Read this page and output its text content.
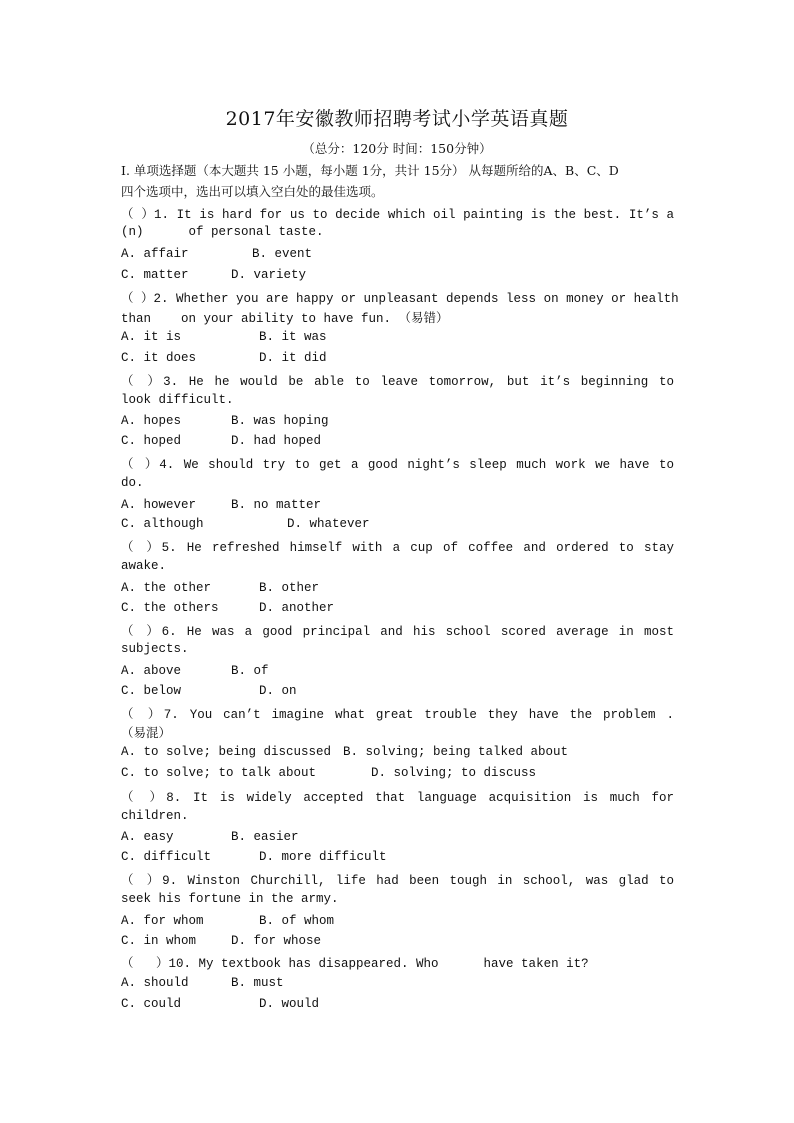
2017年安徽教师招聘考试小学英语真题
（总分：120分 时间：150分钟）
I. 单项选择题（本大题共 15 小题，每小题 1分，共计 15分） 从每题所给的A、B、C、D
四个选项中，选出可以填入空白处的最佳选项。
（ ）1. It is hard for us to decide which oil painting is the best. It’s a
(n)      of personal taste.
A. affair	B. event
C. matter	D. variety
（ ）2. Whether you are happy or unpleasant depends less on money or health
than    on your ability to have fun. （易错）
A. it is	B. it was
C. it does	D. it did
（ ）3. He he would be able to leave tomorrow, but it’s beginning to
look difficult.
A. hopes	B. was hoping
C. hoped	D. had hoped
（ ）4. We should try to get a good night’s sleep much work we have to
do.
A. however	B. no matter
C. although	D. whatever
（ ）5. He refreshed himself with a cup of coffee and ordered to stay
awake.
A. the other	B. other
C. the others	D. another
（ ）6. He was a good principal and his school scored average in most
subjects.
A. above	B. of
C. below	D. on
（ ）7. You can’t imagine what great trouble they have the problem .
（易混）
A. to solve; being discussed B. solving; being talked about
C. to solve; to talk about	D. solving; to discuss
（ ）8. It is widely accepted that language acquisition is much for
children.
A. easy	B. easier
C. difficult	D. more difficult
（ ）9. Winston Churchill, life had been tough in school, was glad to
seek his fortune in the army.
A. for whom	B. of whom
C. in whom	D. for whose
（   ）10. My textbook has disappeared. Who      have taken it?
A. should	B. must
C. could	D. would
